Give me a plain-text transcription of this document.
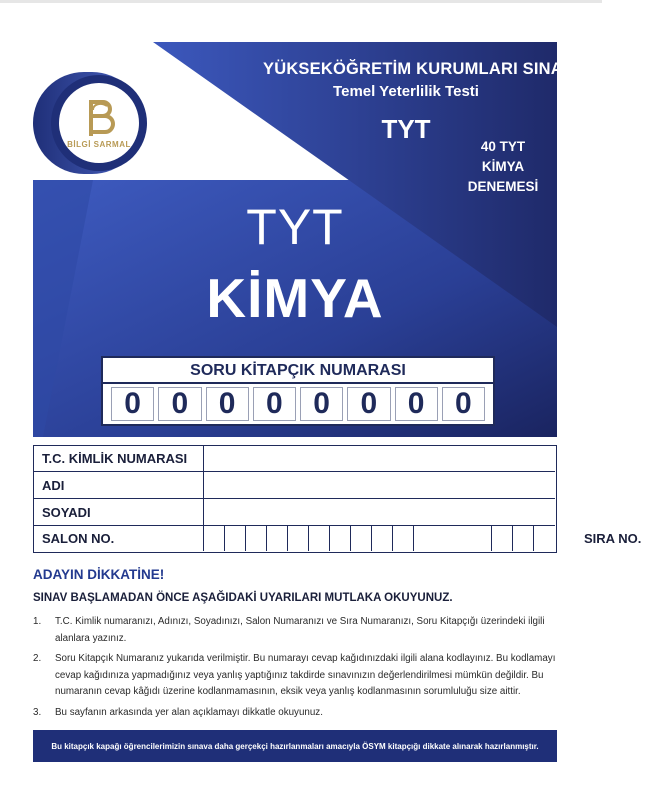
BİLGİ SARMAL
YÜKSEKÖĞRETİM KURUMLARI SINAVI
Temel Yeterlilik Testi
TYT
40 TYT
KİMYA
DENEMESİ
TYT
KİMYA
SORU KİTAPÇIK NUMARASI
0	0	0	0	0	0	0	0
T.C. KİMLİK NUMARASI
ADI
SOYADI
SALON NO.	SIRA NO.
ADAYIN DİKKATİNE!
SINAV BAŞLAMADAN ÖNCE AŞAĞIDAKİ UYARILARI MUTLAKA OKUYUNUZ.
1.	T.C. Kimlik numaranızı, Adınızı, Soyadınızı, Salon Numaranızı ve Sıra Numaranızı, Soru Kitapçığı üzerindeki ilgili alanlara yazınız.
2.	Soru Kitapçık Numaranız yukarıda verilmiştir. Bu numarayı cevap kağıdınızdaki ilgili alana kodlayınız. Bu kodlamayı cevap kağıdınıza yapmadığınız veya yanlış yaptığınız takdirde sınavınızın değerlendirilmesi mümkün değildir. Bu numaranın cevap kâğıdı üzerine kodlanmamasının, eksik veya yanlış kodlanmasının sorumluluğu size aittir.
3.	Bu sayfanın arkasında yer alan açıklamayı dikkatle okuyunuz.
Bu kitapçık kapağı öğrencilerimizin sınava daha gerçekçi hazırlanmaları amacıyla ÖSYM kitapçığı dikkate alınarak hazırlanmıştır.
